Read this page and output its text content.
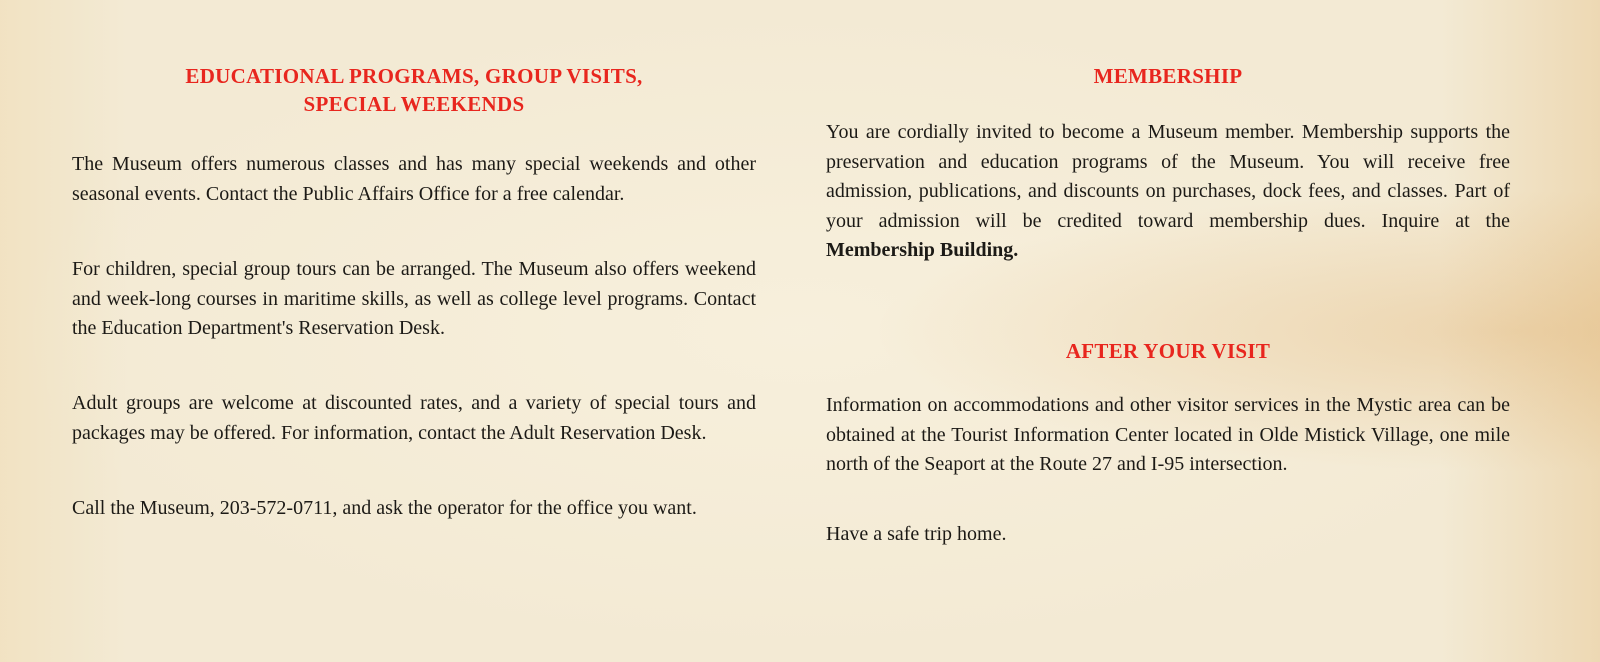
EDUCATIONAL PROGRAMS, GROUP VISITS,
SPECIAL WEEKENDS

The Museum offers numerous classes and has many special weekends and other seasonal events. Contact the Public Affairs Office for a free calendar.

For children, special group tours can be arranged. The Museum also offers weekend and week-long courses in maritime skills, as well as college level programs. Contact the Education Department's Reservation Desk.

Adult groups are welcome at discounted rates, and a variety of special tours and packages may be offered. For information, contact the Adult Reservation Desk.

Call the Museum, 203-572-0711, and ask the operator for the office you want.

MEMBERSHIP

You are cordially invited to become a Museum member. Membership supports the preservation and education programs of the Museum. You will receive free admission, publications, and discounts on purchases, dock fees, and classes. Part of your admission will be credited toward membership dues. Inquire at the Membership Building.

AFTER YOUR VISIT

Information on accommodations and other visitor services in the Mystic area can be obtained at the Tourist Information Center located in Olde Mistick Village, one mile north of the Seaport at the Route 27 and I-95 intersection.

Have a safe trip home.
